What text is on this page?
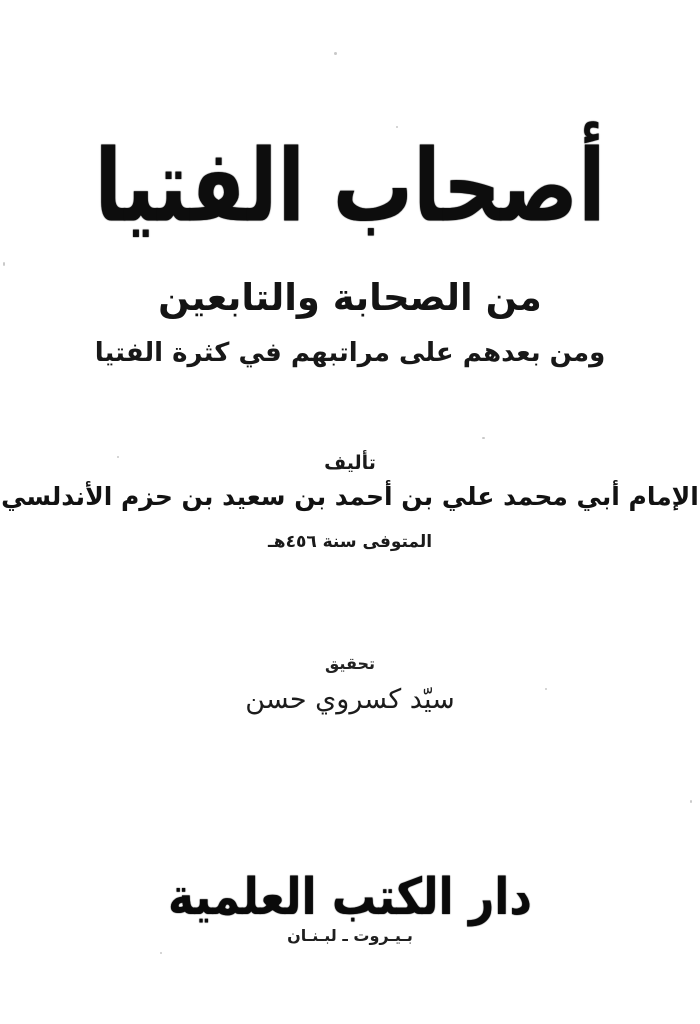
أصحاب الفتيا
من الصحابة والتابعين
ومن بعدهم على مراتبهم في كثرة الفتيا
تأليف
الإمام أبي محمد علي بن أحمد بن سعيد بن حزم الأندلسي
المتوفى سنة ٤٥٦هـ
تحقيق
سيّد كسروي حسن
دار الكتب العلمية
بـيـروت ـ لبـنـان
